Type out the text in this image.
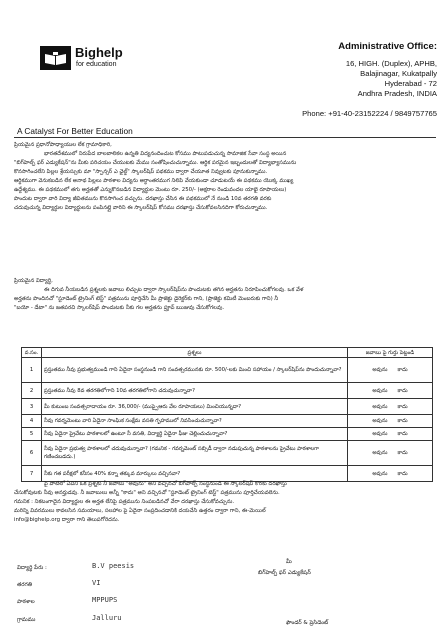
Bighelp
for education
A Catalyst For Better Education
Administrative Office:
16, HIGH. (Duplex), APHB,
Balajinagar, Kukatpally
Hyderabad - 72
Andhra Pradesh, INDIA
Phone: +91-40-23152224 / 9849757765

ప్రియమైన ప్రధానోపాధ్యాయుల లేక గ్రామాధికారి,

భారతదేశములో నిరుపేద బాలబాలికల ఉన్నతి విద్యనందించుట కోసము పాటుపడుచున్న సామాజిక సేవా సంస్థ అయిన

"బిగ్‌హెల్ప్ ఫర్ ఎడ్యుకేషన్"ను మీకు పరిచయం చేయుటకు మేము సంతోషించుచున్నాము. ఆర్థిక పరమైన ఇబ్బందులతో విద్యాభ్యాసమును

కొనసాగించలేని పిల్లల శ్రేయస్సుకు మా "స్పాన్సర్ ఎ ఛైల్డ్" స్కాలర్‌షిప్ పథకము ద్వారా చేయూత నివ్వుటకు పూనుకున్నాము.

ఆర్థికముగా వెనుకబడిన లేక అనాథ పిల్లలు పాఠశాల విద్యను అర్ధాంతరముగ నిలిపి వేయకుండా చూడుటయే ఈ పథకము యొక్క ముఖ్య

ఉద్దేశ్యము. ఈ పథకములో తగు అర్హతతో ఎన్నుకొనబడిన విద్యార్థుల మెంటు రూ. 250/- (అక్షరాల రెండువందల యాభై రూపాయలు)

పొందుట ద్వారా వారి విద్యా జీవితమును కొనసాగించ వచ్చును. దరఖాస్తు చేసిన ఈ పథకములో నే నుండి 10వ తరగతి వరకు

చదువుచున్న విద్యార్థుల విద్యార్థులను పంపినట్లై వారిని ఈ స్కాలర్‌షిప్ కోసము దరఖాస్తు చేసుకోవలసినదిగా కోరుచున్నాము.

ప్రియమైన విద్యార్థి,

ఈ దిగువ నీయబడిన ప్రశ్నలకు జవాబు లిచ్చుట ద్వారా స్కాలర్‌షిప్‌ను పొందుటకు తగిన అర్హతను నిరూపించుకోగలవు. ఒక వేళ

అర్హతను పొందినచో "స్టూడెంట్ ట్రైనింగ్ టెస్ట్" పత్రమును పూర్తిచేసి మీ ప్రాజెక్టు డైరెక్టర్‌కు గాని, (ప్రాజెక్టు కమిటీ మెంబరుకు గాని) నీ

"బయో - డేటా" ను జతపరచి స్కాలర్‌షిప్ పొందుటకు నీకు గల అర్హతను ప్రూవ్ ఋజువు చేసుకోగలవు.

వ.సం.	ప్రశ్నలు	జవాబు పై గుర్తు పెట్టండి
1	ప్రస్తుతము నీవు ప్రభుత్వముండి గాని ఏదైనా సంస్థనుండి గాని సంవత్సరమునకు రూ. 500/-లకు మించి సహాయం / స్కాలర్‌షిప్‌ను పొందుచున్నావా?	అవును కాదు
2	ప్రస్తుతము నీవు 8వ తరగతిలోగాని 10వ తరగతిలోగాని చదువుచున్నావా?	అవును కాదు
3	మీ కుటుంబ సంవత్సరాదాయం రూ. 36,000/- (ముప్పైఆరు వేల రూపాయలు) మించియున్నదా?	అవును కాదు
4	నీవు గవర్నమెంటు వారి ఏదైనా సాంఘిక సంక్షేమ వసతి గృహములో నివసించుచున్నావా?	అవును కాదు
5	నీవు ఏదైనా ప్రైవేటు పాఠశాలలో ఉంటూ నీ వసతి, విద్యార్థి ఏదైనా ఫీజు చెల్లించుచున్నావా?	అవును కాదు
6	నీవు ఏదైనా ప్రభుత్వ పాఠశాలలో చదువుచున్నావా? (గమనిక - గవర్నమెంట్ సబ్సిడీ ద్వారా నడుపుచున్న పాఠశాలను ప్రైవేటు పాఠశాలగా గణించబడదు.)	అవును కాదు
7	నీకు గత పరీక్షలో కనీసం 40% కన్నా తక్కువ మార్కులు వచ్చినవా?	అవును కాదు

పై వాటిలో ఏవిని ఒక ప్రశ్నకు నీ జవాబు "అవును" అని వచ్చినచో బిగ్‌హెల్ప్ సంస్థనుండి ఈ స్కాలర్‌షిప్ కొరకు దరఖాస్తు

చేసుకోవుటకు నీవు అనర్హుడవు. నీ జవాబులు అన్నీ "కాదు" అని వచ్చినచో "స్టూడెంట్ ట్రైనింగ్ టెస్ట్" పత్రమును పూర్తిచేయవలెను.

గమనిక : నికటంగాదైన విద్యార్థుల ఈ అర్హత లేనిపై పత్రమును నింపబడినచో వేరా దరఖాస్తు చేసుకోవచ్చును.

మరిన్ని వివరములు కావలసిన సమయాలు, సలహాల పై ఏదైనా సంప్రదించడానికి దయచేసి ఉత్తరం ద్వారా గాని, ఈ-మెయిల్

info@bighelp.org ద్వారా గాని తెలుపగోరెదను.

విద్యార్థి పేరు :	B.V peesis
తరగతి	VI
పాఠశాల	MPPUPS
గ్రామము	Jalluru
మీ
బిగ్‌హెల్ప్ ఫర్ ఎడ్యుకేషన్
ఫౌండర్ & ప్రెసిడెంట్
